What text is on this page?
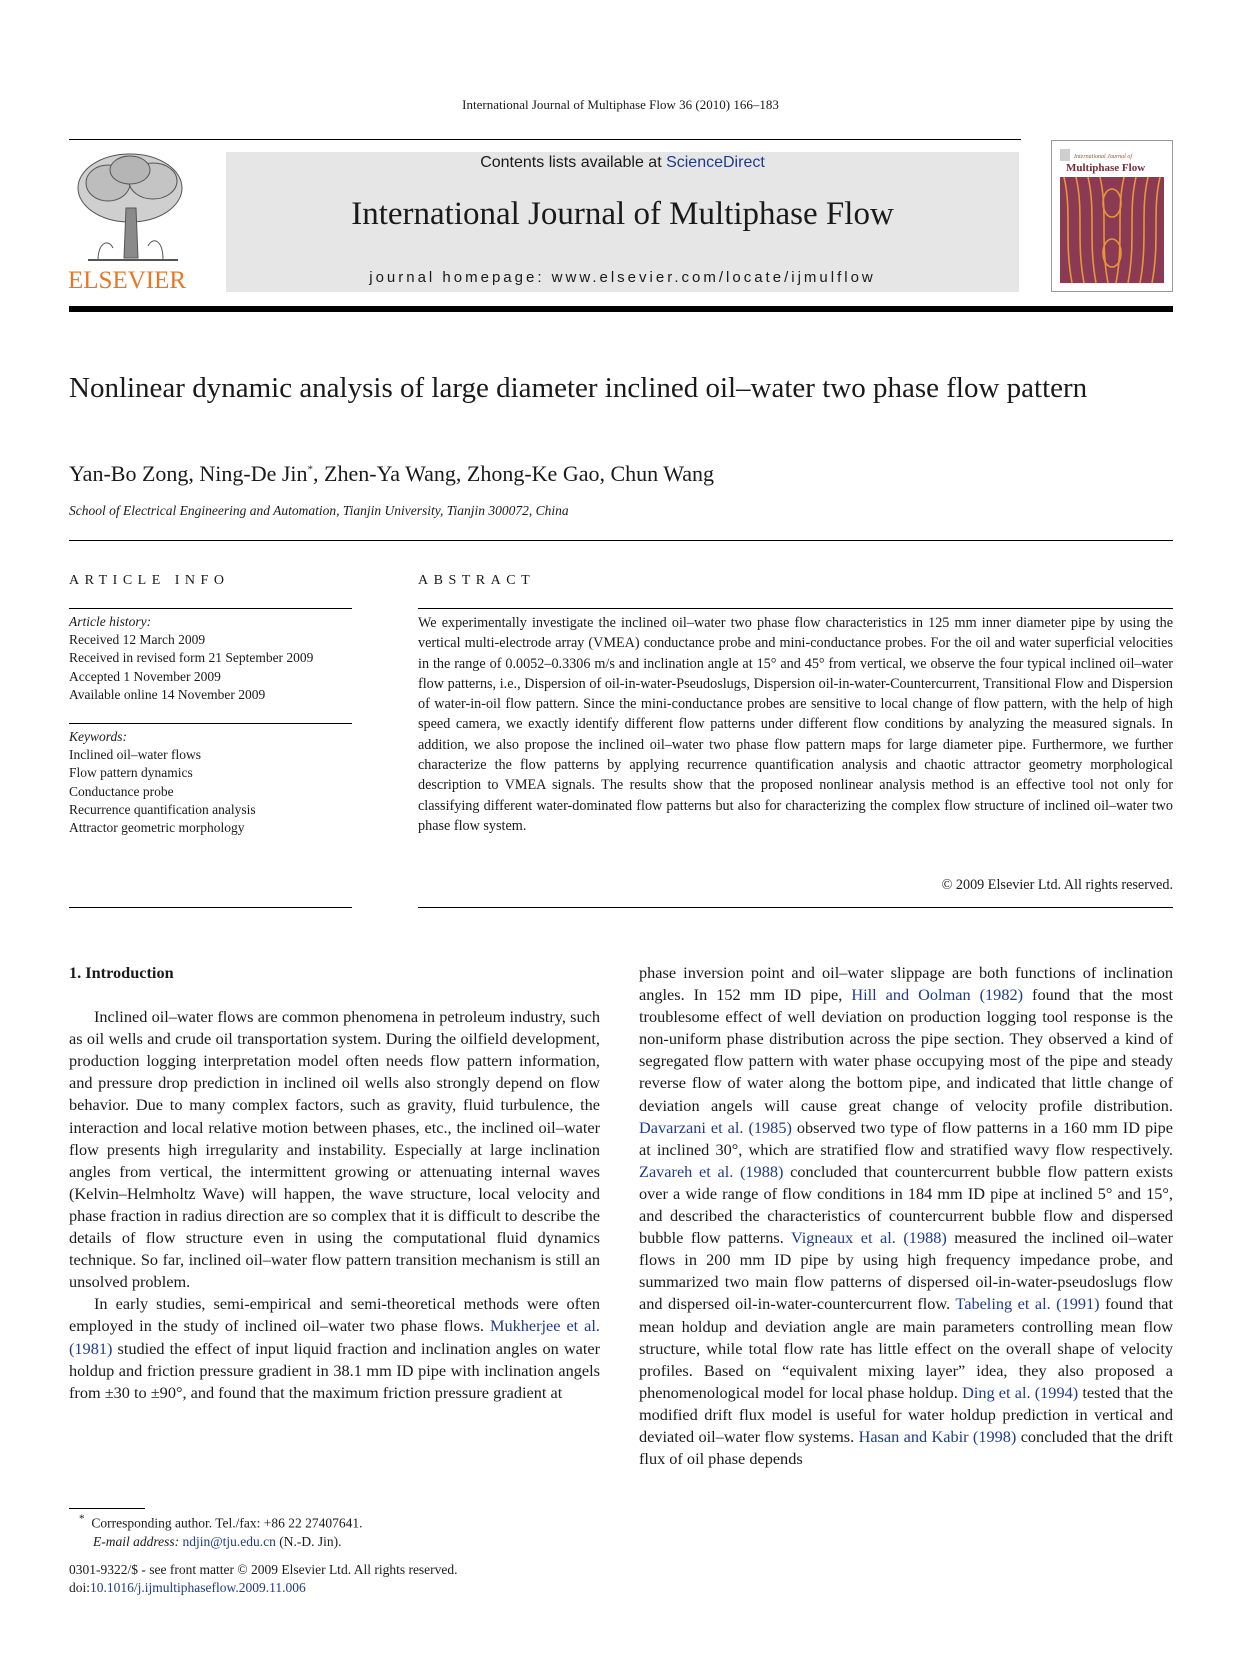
International Journal of Multiphase Flow 36 (2010) 166–183
ELSEVIER
Contents lists available at ScienceDirect
International Journal of Multiphase Flow
journal homepage: www.elsevier.com/locate/ijmulflow
International Journal of
Multiphase Flow
Nonlinear dynamic analysis of large diameter inclined oil–water two phase flow pattern
Yan-Bo Zong, Ning-De Jin*, Zhen-Ya Wang, Zhong-Ke Gao, Chun Wang
School of Electrical Engineering and Automation, Tianjin University, Tianjin 300072, China
ARTICLE INFO	ABSTRACT
Article history:
Received 12 March 2009
Received in revised form 21 September 2009
Accepted 1 November 2009
Available online 14 November 2009
Keywords:
Inclined oil–water flows
Flow pattern dynamics
Conductance probe
Recurrence quantification analysis
Attractor geometric morphology
We experimentally investigate the inclined oil–water two phase flow characteristics in 125 mm inner diameter pipe by using the vertical multi-electrode array (VMEA) conductance probe and mini-conductance probes. For the oil and water superficial velocities in the range of 0.0052–0.3306 m/s and inclination angle at 15° and 45° from vertical, we observe the four typical inclined oil–water flow patterns, i.e., Dispersion of oil-in-water-Pseudoslugs, Dispersion oil-in-water-Countercurrent, Transitional Flow and Dispersion of water-in-oil flow pattern. Since the mini-conductance probes are sensitive to local change of flow pattern, with the help of high speed camera, we exactly identify different flow patterns under different flow conditions by analyzing the measured signals. In addition, we also propose the inclined oil–water two phase flow pattern maps for large diameter pipe. Furthermore, we further characterize the flow patterns by applying recurrence quantification analysis and chaotic attractor geometry morphological description to VMEA signals. The results show that the proposed nonlinear analysis method is an effective tool not only for classifying different water-dominated flow patterns but also for characterizing the complex flow structure of inclined oil–water two phase flow system.
© 2009 Elsevier Ltd. All rights reserved.
1. Introduction

Inclined oil–water flows are common phenomena in petroleum industry, such as oil wells and crude oil transportation system. During the oilfield development, production logging interpretation model often needs flow pattern information, and pressure drop prediction in inclined oil wells also strongly depend on flow behavior. Due to many complex factors, such as gravity, fluid turbulence, the interaction and local relative motion between phases, etc., the inclined oil–water flow presents high irregularity and instability. Especially at large inclination angles from vertical, the intermittent growing or attenuating internal waves (Kelvin–Helmholtz Wave) will happen, the wave structure, local velocity and phase fraction in radius direction are so complex that it is difficult to describe the details of flow structure even in using the computational fluid dynamics technique. So far, inclined oil–water flow pattern transition mechanism is still an unsolved problem.

In early studies, semi-empirical and semi-theoretical methods were often employed in the study of inclined oil–water two phase flows. Mukherjee et al. (1981) studied the effect of input liquid fraction and inclination angles on water holdup and friction pressure gradient in 38.1 mm ID pipe with inclination angels from ±30 to ±90°, and found that the maximum friction pressure gradient at

phase inversion point and oil–water slippage are both functions of inclination angles. In 152 mm ID pipe, Hill and Oolman (1982) found that the most troublesome effect of well deviation on production logging tool response is the non-uniform phase distribution across the pipe section. They observed a kind of segregated flow pattern with water phase occupying most of the pipe and steady reverse flow of water along the bottom pipe, and indicated that little change of deviation angels will cause great change of velocity profile distribution. Davarzani et al. (1985) observed two type of flow patterns in a 160 mm ID pipe at inclined 30°, which are stratified flow and stratified wavy flow respectively. Zavareh et al. (1988) concluded that countercurrent bubble flow pattern exists over a wide range of flow conditions in 184 mm ID pipe at inclined 5° and 15°, and described the characteristics of countercurrent bubble flow and dispersed bubble flow patterns. Vigneaux et al. (1988) measured the inclined oil–water flows in 200 mm ID pipe by using high frequency impedance probe, and summarized two main flow patterns of dispersed oil-in-water-pseudoslugs flow and dispersed oil-in-water-countercurrent flow. Tabeling et al. (1991) found that mean holdup and deviation angle are main parameters controlling mean flow structure, while total flow rate has little effect on the overall shape of velocity profiles. Based on “equivalent mixing layer” idea, they also proposed a phenomenological model for local phase holdup. Ding et al. (1994) tested that the modified drift flux model is useful for water holdup prediction in vertical and deviated oil–water flow systems. Hasan and Kabir (1998) concluded that the drift flux of oil phase depends

* Corresponding author. Tel./fax: +86 22 27407641.
E-mail address: ndjin@tju.edu.cn (N.-D. Jin).
0301-9322/$ - see front matter © 2009 Elsevier Ltd. All rights reserved.
doi:10.1016/j.ijmultiphaseflow.2009.11.006
